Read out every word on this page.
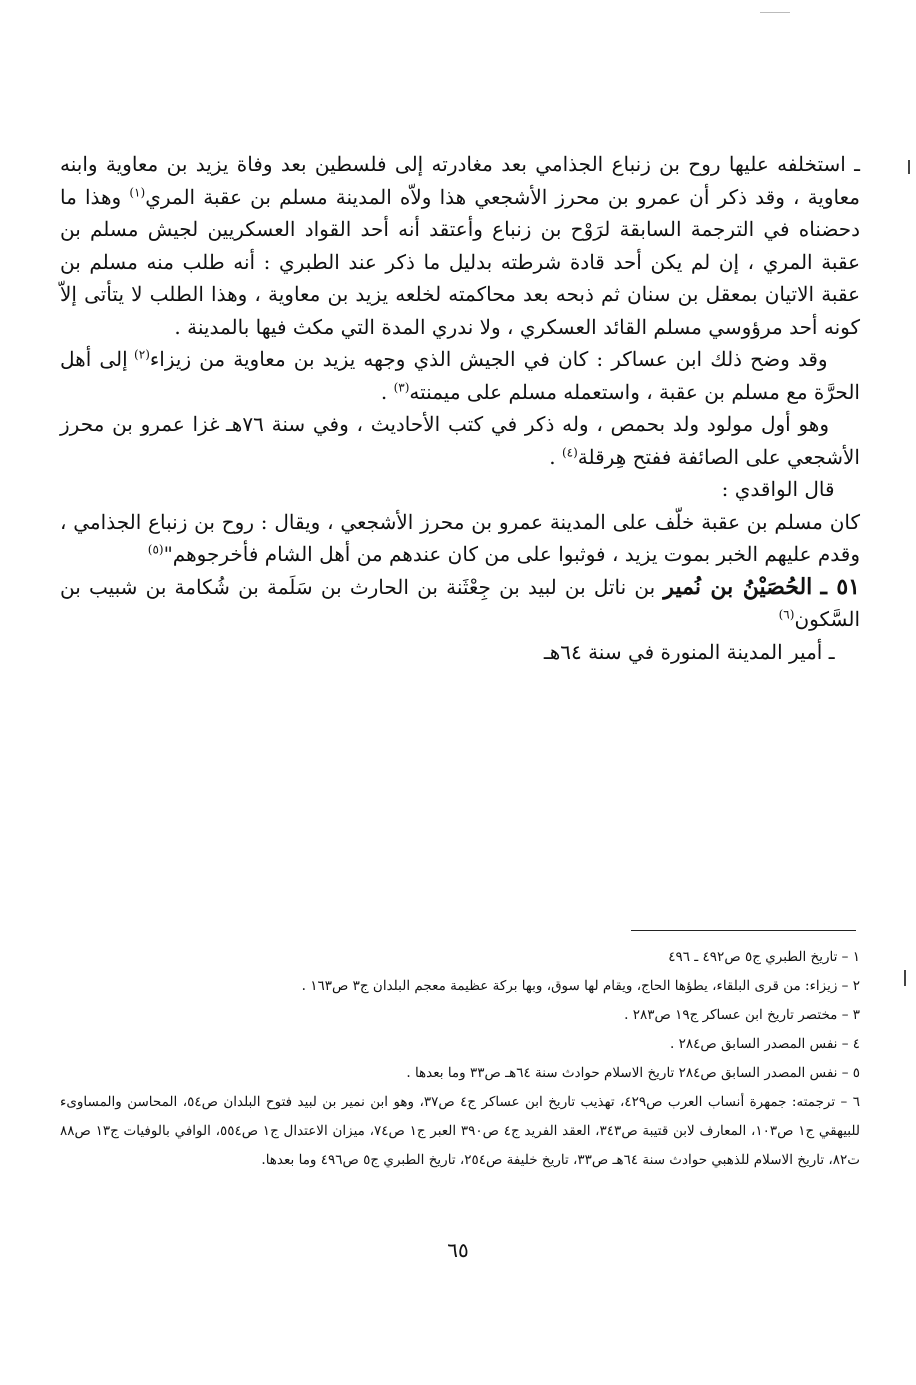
ـ استخلفه عليها روح بن زنباع الجذامي بعد مغادرته إلى فلسطين بعد وفاة يزيد بن معاوية وابنه معاوية ، وقد ذكر أن عمرو بن محرز الأشجعي هذا ولاّه المدينة مسلم بن عقبة المري$^{(١)}$ وهذا ما دحضناه في الترجمة السابقة لرَوْح بن زنباع وأعتقد أنه أحد القواد العسكريين لجيش مسلم بن عقبة المري ، إن لم يكن أحد قادة شرطته بدليل ما ذكر عند الطبري : أنه طلب منه مسلم بن عقبة الاتيان بمعقل بن سنان ثم ذبحه بعد محاكمته لخلعه يزيد بن معاوية ، وهذا الطلب لا يتأتى إلاّ كونه أحد مرؤوسي مسلم القائد العسكري ، ولا ندري المدة التي مكث فيها بالمدينة .

وقد وضح ذلك ابن عساكر : كان في الجيش الذي وجهه يزيد بن معاوية من زيزاء$^{(٢)}$ إلى أهل الحرَّة مع مسلم بن عقبة ، واستعمله مسلم على ميمنته$^{(٣)}$ .

وهو أول مولود ولد بحمص ، وله ذكر في كتب الأحاديث ، وفي سنة ٧٦هـ غزا عمرو بن محرز الأشجعي على الصائفة ففتح هِرقلة$^{(٤)}$ .

قال الواقدي :

كان مسلم بن عقبة خلّف على المدينة عمرو بن محرز الأشجعي ، ويقال : روح بن زنباع الجذامي ، وقدم عليهم الخبر بموت يزيد ، فوثبوا على من كان عندهم من أهل الشام فأخرجوهم"$^{(٥)}$

٥١ ـ الحُصَيْنُ بن نُمير بن ناتل بن لبيد بن جِعْثَنة بن الحارث بن سَلَمة بن شُكامة بن شبيب بن السَّكون$^{(٦)}$

ـ أمير المدينة المنورة في سنة ٦٤هـ

١ – تاريخ الطبري ج٥ ص٤٩٢ ـ ٤٩٦

٢ – زيزاء: من قرى البلقاء، يطؤها الحاج، ويقام لها سوق، وبها بركة عظيمة معجم البلدان ج٣ ص١٦٣ .

٣ – مختصر تاريخ ابن عساكر ج١٩ ص٢٨٣ .

٤ – نفس المصدر السابق ص٢٨٤ .

٥ – نفس المصدر السابق ص٢٨٤ تاريخ الاسلام حوادث سنة ٦٤هـ ص٣٣ وما بعدها .

٦ – ترجمته: جمهرة أنساب العرب ص٤٢٩، تهذيب تاريخ ابن عساكر ج٤ ص٣٧، وهو ابن نمير بن لبيد فتوح البلدان ص٥٤، المحاسن والمساوىء للبيهقي ج١ ص١٠٣، المعارف لابن قتيبة ص٣٤٣، العقد الفريد ج٤ ص٣٩٠ العبر ج١ ص٧٤، ميزان الاعتدال ج١ ص٥٥٤، الوافي بالوفيات ج١٣ ص٨٨ ت٨٢، تاريخ الاسلام للذهبي حوادث سنة ٦٤هـ ص٣٣، تاريخ خليفة ص٢٥٤، تاريخ الطبري ج٥ ص٤٩٦ وما بعدها.

٦٥
